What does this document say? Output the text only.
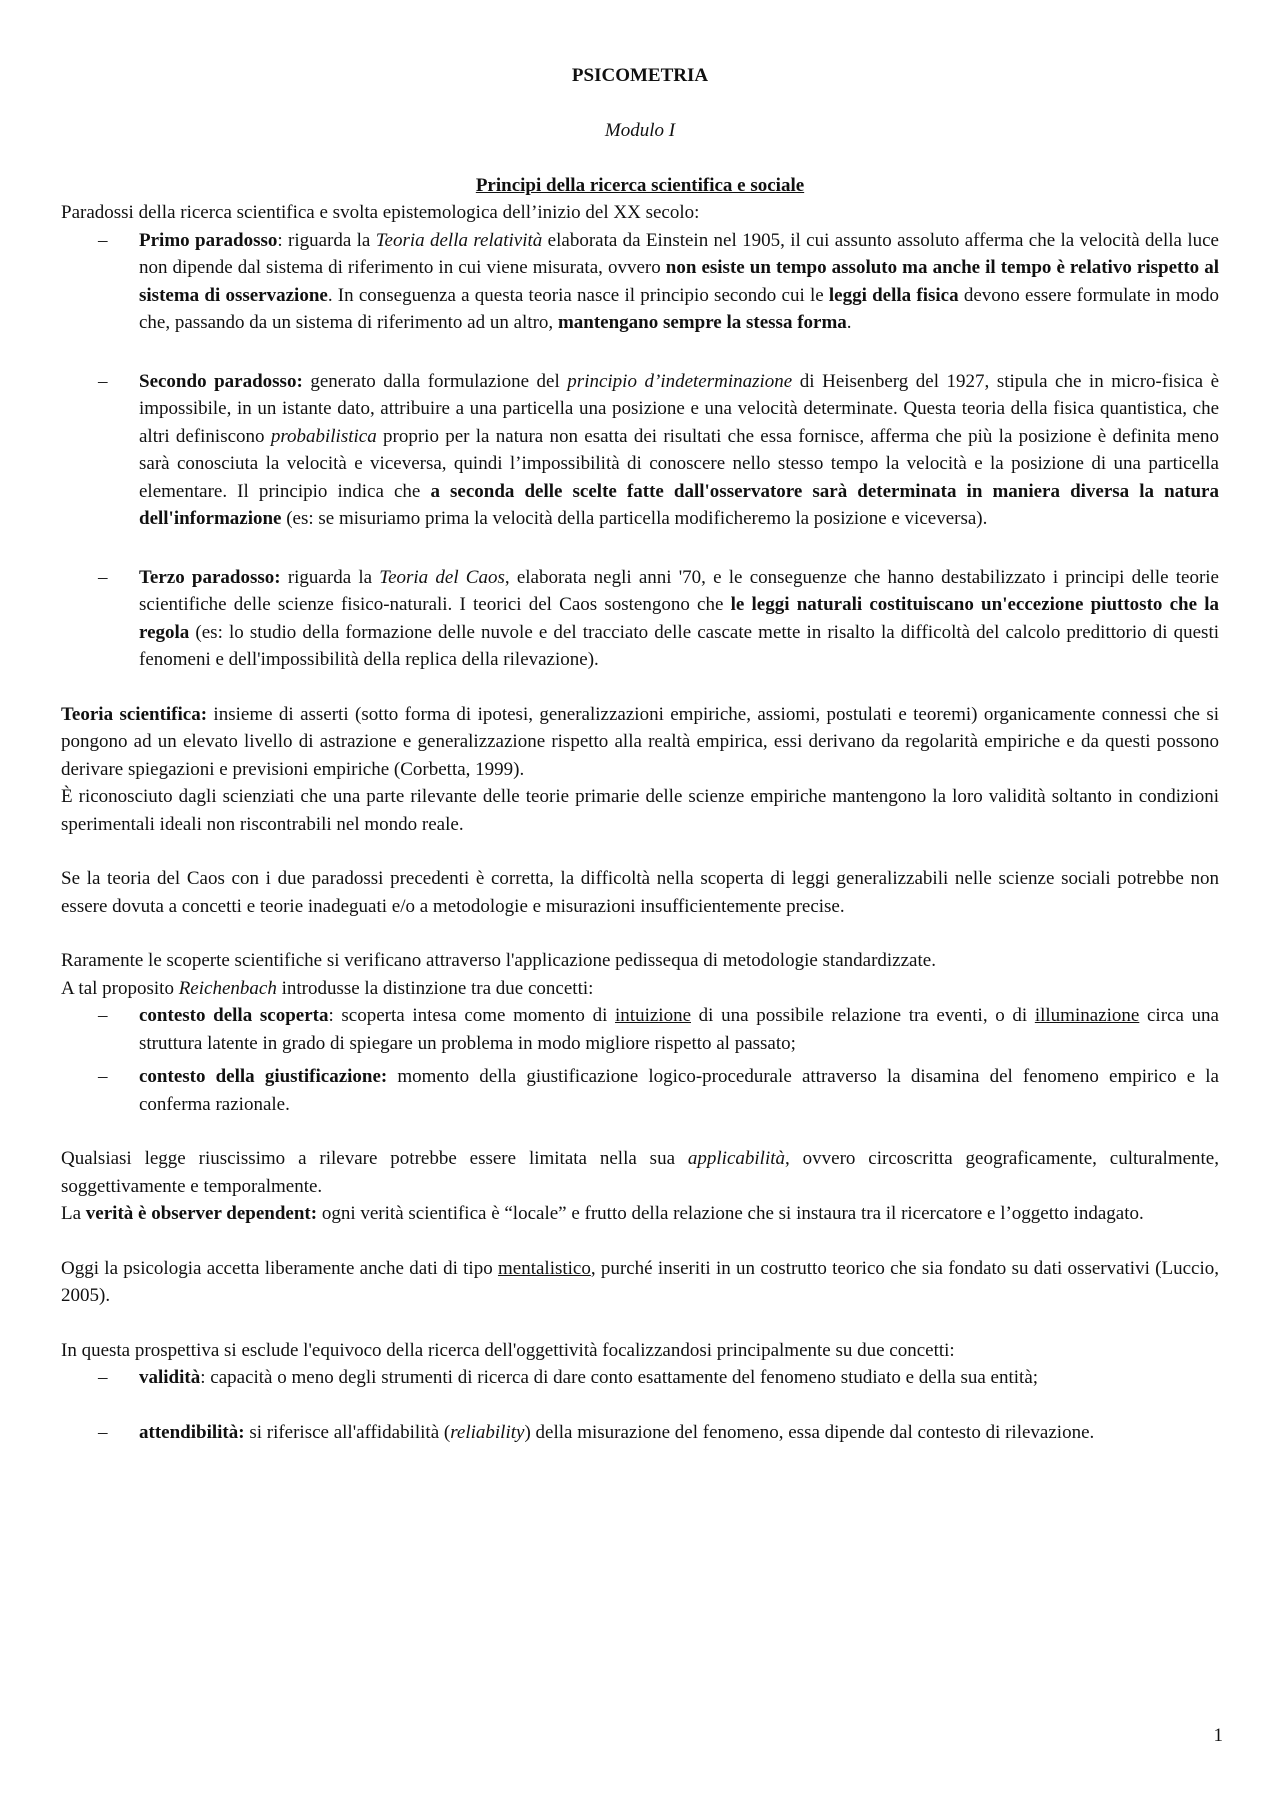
PSICOMETRIA
Modulo I
Principi della ricerca scientifica e sociale

Paradossi della ricerca scientifica e svolta epistemologica dell’inizio del XX secolo:

–	Primo paradosso: riguarda la Teoria della relatività elaborata da Einstein nel 1905, il cui assunto assoluto afferma che la velocità della luce non dipende dal sistema di riferimento in cui viene misurata, ovvero non esiste un tempo assoluto ma anche il tempo è relativo rispetto al sistema di osservazione. In conseguenza a questa teoria nasce il principio secondo cui le leggi della fisica devono essere formulate in modo che, passando da un sistema di riferimento ad un altro, mantengano sempre la stessa forma.
–	Secondo paradosso: generato dalla formulazione del principio d’indeterminazione di Heisenberg del 1927, stipula che in micro-fisica è impossibile, in un istante dato, attribuire a una particella una posizione e una velocità determinate. Questa teoria della fisica quantistica, che altri definiscono probabilistica proprio per la natura non esatta dei risultati che essa fornisce, afferma che più la posizione è definita meno sarà conosciuta la velocità e viceversa, quindi l’impossibilità di conoscere nello stesso tempo la velocità e la posizione di una particella elementare. Il principio indica che a seconda delle scelte fatte dall'osservatore sarà determinata in maniera diversa la natura dell'informazione (es: se misuriamo prima la velocità della particella modificheremo la posizione e viceversa).
–	Terzo paradosso: riguarda la Teoria del Caos, elaborata negli anni '70, e le conseguenze che hanno destabilizzato i principi delle teorie scientifiche delle scienze fisico-naturali. I teorici del Caos sostengono che le leggi naturali costituiscano un'eccezione piuttosto che la regola (es: lo studio della formazione delle nuvole e del tracciato delle cascate mette in risalto la difficoltà del calcolo predittorio di questi fenomeni e dell'impossibilità della replica della rilevazione).

Teoria scientifica: insieme di asserti (sotto forma di ipotesi, generalizzazioni empiriche, assiomi, postulati e teoremi) organicamente connessi che si pongono ad un elevato livello di astrazione e generalizzazione rispetto alla realtà empirica, essi derivano da regolarità empiriche e da questi possono derivare spiegazioni e previsioni empiriche (Corbetta, 1999).

È riconosciuto dagli scienziati che una parte rilevante delle teorie primarie delle scienze empiriche mantengono la loro validità soltanto in condizioni sperimentali ideali non riscontrabili nel mondo reale.

Se la teoria del Caos con i due paradossi precedenti è corretta, la difficoltà nella scoperta di leggi generalizzabili nelle scienze sociali potrebbe non essere dovuta a concetti e teorie inadeguati e/o a metodologie e misurazioni insufficientemente precise.

Raramente le scoperte scientifiche si verificano attraverso l'applicazione pedissequa di metodologie standardizzate.

A tal proposito Reichenbach introdusse la distinzione tra due concetti:

–	contesto della scoperta: scoperta intesa come momento di intuizione di una possibile relazione tra eventi, o di illuminazione circa una struttura latente in grado di spiegare un problema in modo migliore rispetto al passato;
–	contesto della giustificazione: momento della giustificazione logico-procedurale attraverso la disamina del fenomeno empirico e la conferma razionale.

Qualsiasi legge riuscissimo a rilevare potrebbe essere limitata nella sua applicabilità, ovvero circoscritta geograficamente, culturalmente, soggettivamente e temporalmente.

La verità è observer dependent: ogni verità scientifica è “locale” e frutto della relazione che si instaura tra il ricercatore e l’oggetto indagato.

Oggi la psicologia accetta liberamente anche dati di tipo mentalistico, purché inseriti in un costrutto teorico che sia fondato su dati osservativi (Luccio, 2005).

In questa prospettiva si esclude l'equivoco della ricerca dell'oggettività focalizzandosi principalmente su due concetti:

–	validità: capacità o meno degli strumenti di ricerca di dare conto esattamente del fenomeno studiato e della sua entità;
–	attendibilità: si riferisce all'affidabilità (reliability) della misurazione del fenomeno, essa dipende dal contesto di rilevazione.
1
